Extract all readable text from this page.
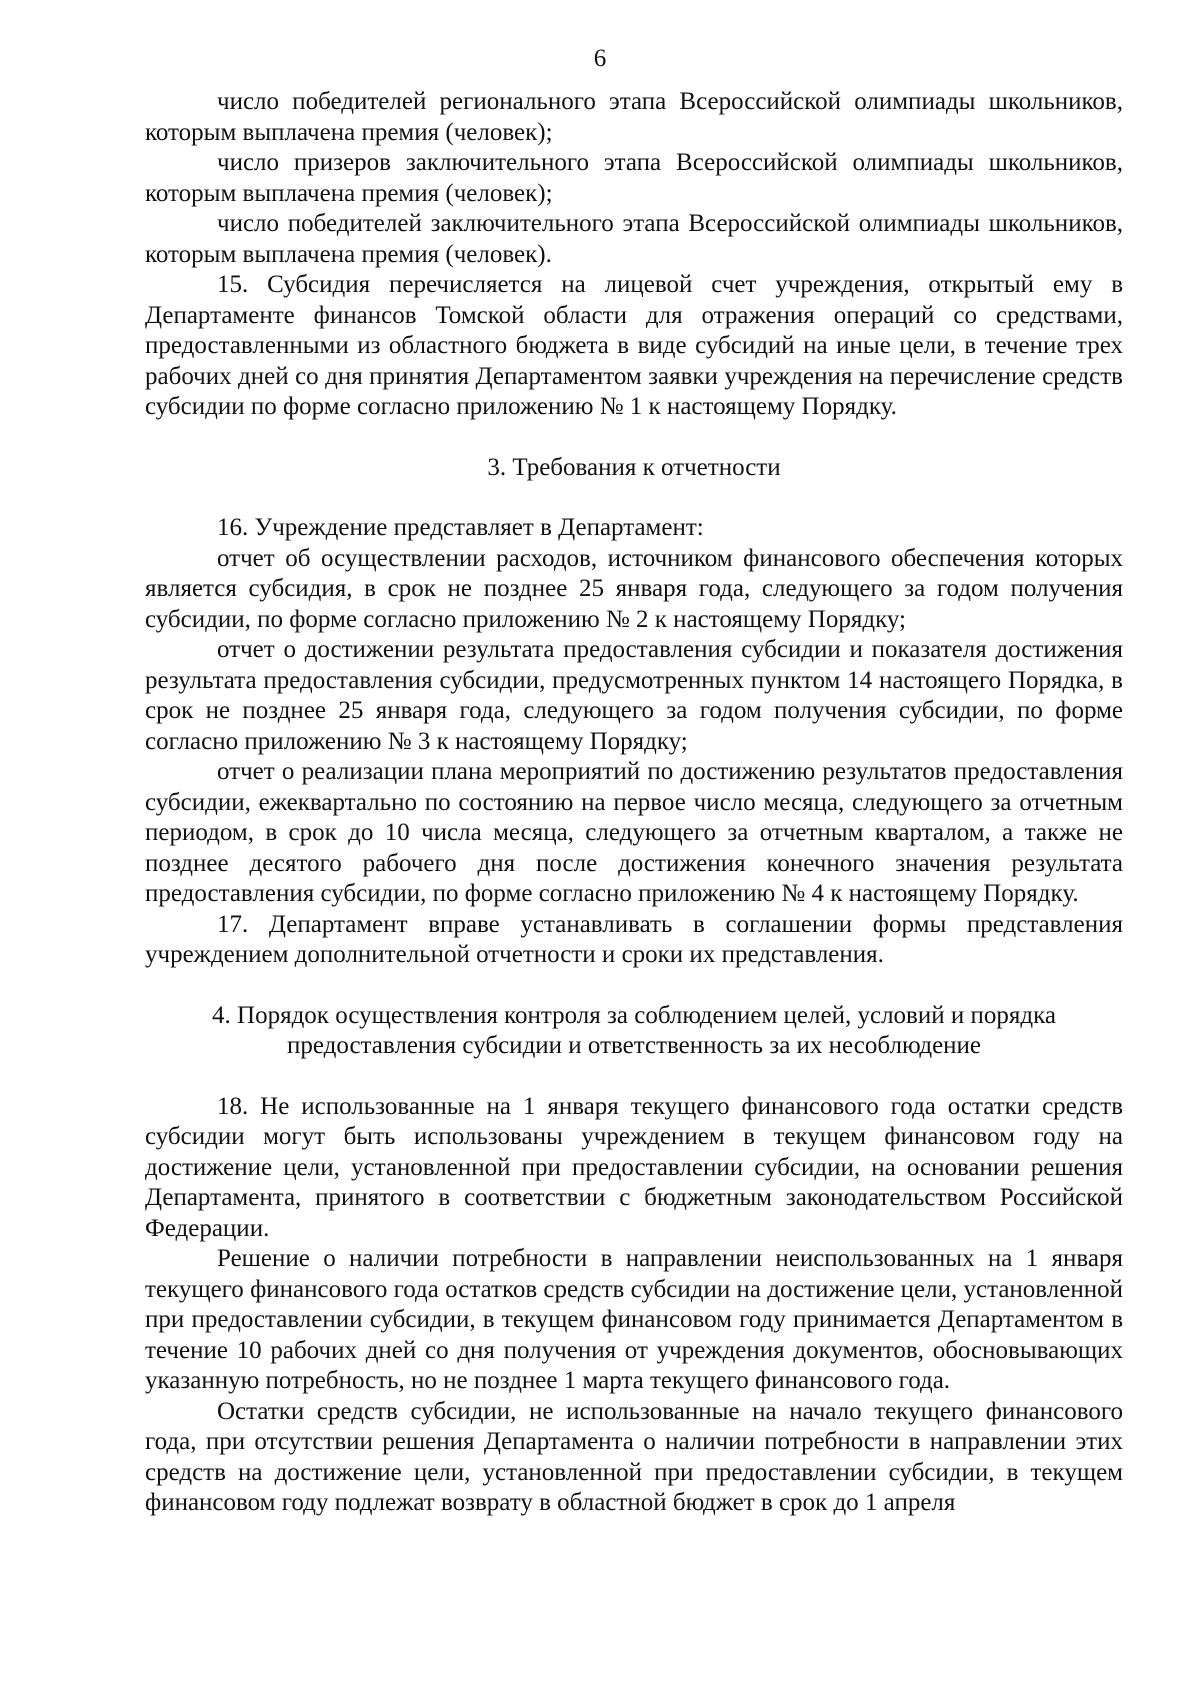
6

число победителей регионального этапа Всероссийской олимпиады школьников, которым выплачена премия (человек);

число призеров заключительного этапа Всероссийской олимпиады школьников, которым выплачена премия (человек);

число победителей заключительного этапа Всероссийской олимпиады школьников, которым выплачена премия (человек).

15. Субсидия перечисляется на лицевой счет учреждения, открытый ему в Департаменте финансов Томской области для отражения операций со средствами, предоставленными из областного бюджета в виде субсидий на иные цели, в течение трех рабочих дней со дня принятия Департаментом заявки учреждения на перечисление средств субсидии по форме согласно приложению № 1 к настоящему Порядку.

3. Требования к отчетности

16. Учреждение представляет в Департамент:

отчет об осуществлении расходов, источником финансового обеспечения которых является субсидия, в срок не позднее 25 января года, следующего за годом получения субсидии, по форме согласно приложению № 2 к настоящему Порядку;

отчет о достижении результата предоставления субсидии и показателя достижения результата предоставления субсидии, предусмотренных пунктом 14 настоящего Порядка, в срок не позднее 25 января года, следующего за годом получения субсидии, по форме согласно приложению № 3 к настоящему Порядку;

отчет о реализации плана мероприятий по достижению результатов предоставления субсидии, ежеквартально по состоянию на первое число месяца, следующего за отчетным периодом, в срок до 10 числа месяца, следующего за отчетным кварталом, а также не позднее десятого рабочего дня после достижения конечного значения результата предоставления субсидии, по форме согласно приложению № 4 к настоящему Порядку.

17. Департамент вправе устанавливать в соглашении формы представления учреждением дополнительной отчетности и сроки их представления.

4. Порядок осуществления контроля за соблюдением целей, условий и порядка
предоставления субсидии и ответственность за их несоблюдение

18. Не использованные на 1 января текущего финансового года остатки средств субсидии могут быть использованы учреждением в текущем финансовом году на достижение цели, установленной при предоставлении субсидии, на основании решения Департамента, принятого в соответствии с бюджетным законодательством Российской Федерации.

Решение о наличии потребности в направлении неиспользованных на 1 января текущего финансового года остатков средств субсидии на достижение цели, установленной при предоставлении субсидии, в текущем финансовом году принимается Департаментом в течение 10 рабочих дней со дня получения от учреждения документов, обосновывающих указанную потребность, но не позднее 1 марта текущего финансового года.

Остатки средств субсидии, не использованные на начало текущего финансового года, при отсутствии решения Департамента о наличии потребности в направлении этих средств на достижение цели, установленной при предоставлении субсидии, в текущем финансовом году подлежат возврату в областной бюджет в срок до 1 апреля
